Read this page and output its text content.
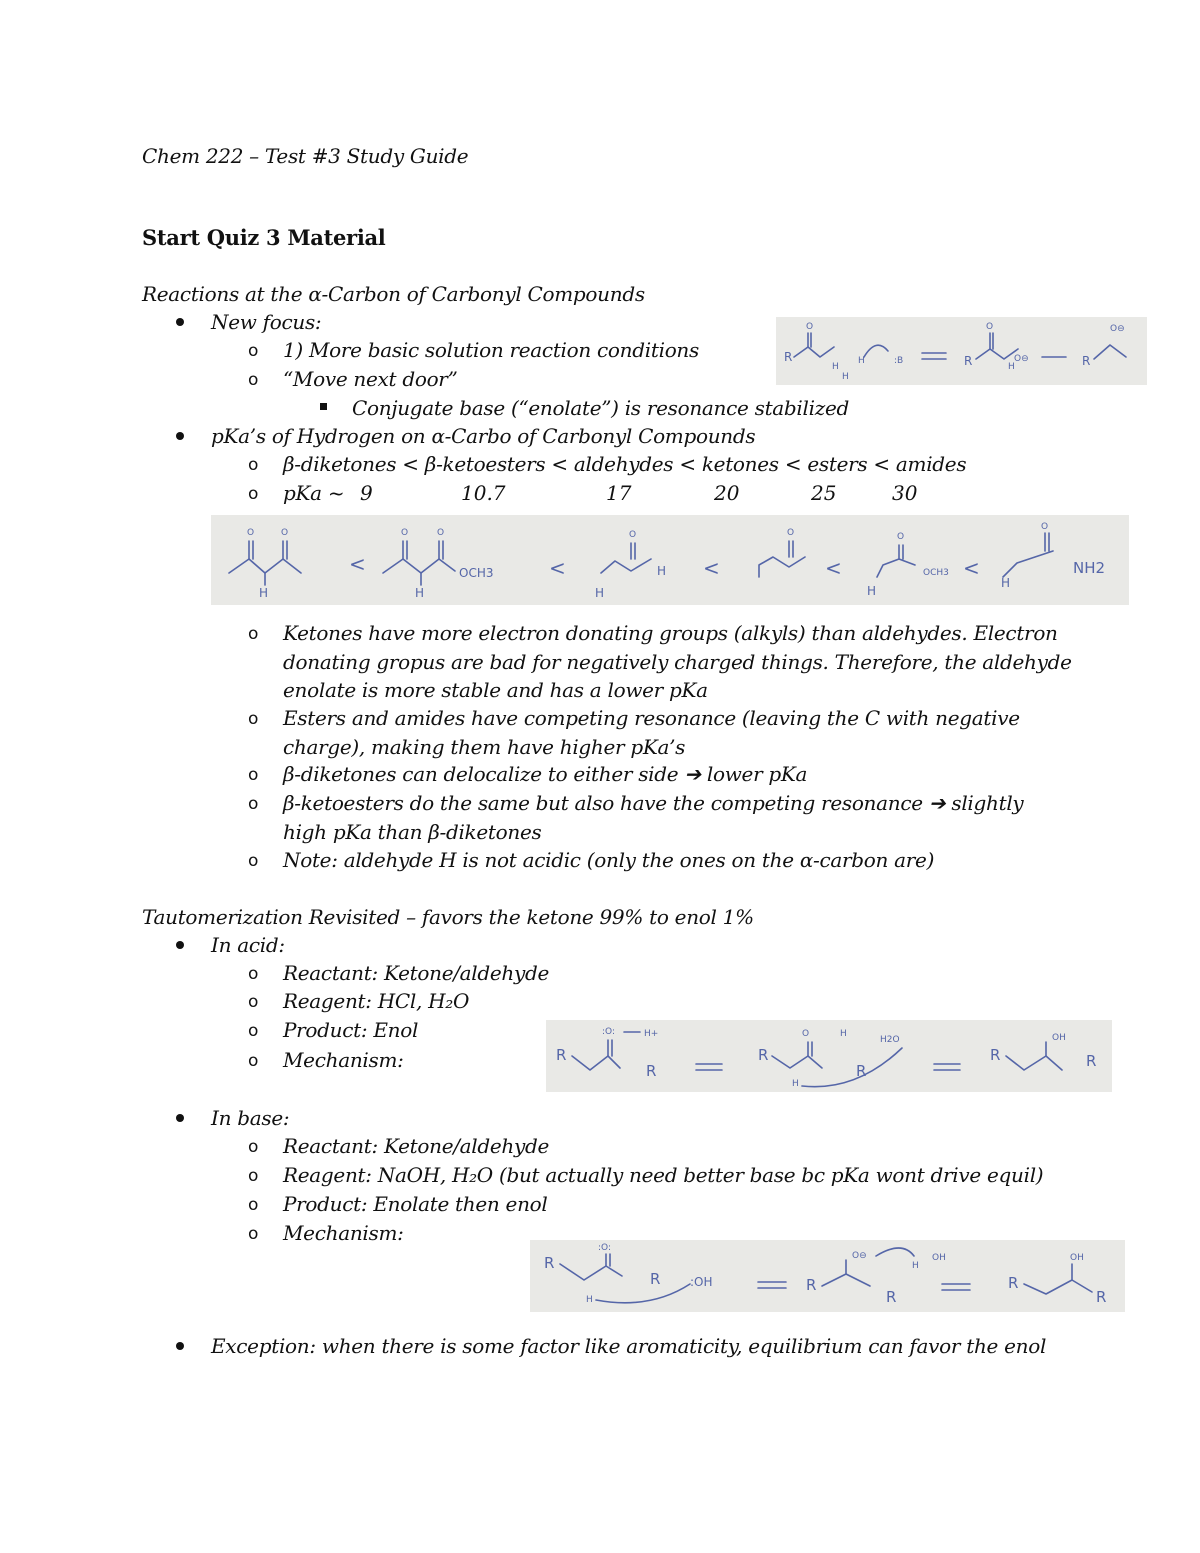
Chem 222 – Test #3 Study Guide
Start Quiz 3 Material
Reactions at the α-Carbon of Carbonyl Compounds
New focus:
o 1) More basic solution reaction conditions
o “Move next door”
Conjugate base (“enolate”) is resonance stabilized
R
O
H
H
H	:B	R
O
H
O⊖	R
O⊖
pKa’s of Hydrogen on α-Carbo of Carbonyl Compounds
o β-diketones < β-ketoesters < aldehydes < ketones < esters < amides
o pKa ~ 9	10.7	17	20	25	30
O	O
H
<
O	O
H
OCH3	<
O
H
H <
O
<
O
H
OCH3 <
O
H
NH2
o Ketones have more electron donating groups (alkyls) than aldehydes. Electron
donating gropus are bad for negatively charged things. Therefore, the aldehyde
enolate is more stable and has a lower pKa
o Esters and amides have competing resonance (leaving the C with negative
charge), making them have higher pKa’s
o β-diketones can delocalize to either side ➔ lower pKa
o β-ketoesters do the same but also have the competing resonance ➔ slightly
high pKa than β-diketones
o Note: aldehyde H is not acidic (only the ones on the α-carbon are)
Tautomerization Revisited – favors the ketone 99% to enol 1%
In acid:
o Reactant: Ketone/aldehyde
o Reagent: HCl, H₂O
o Product: Enol
o Mechanism:	R
:O:	H+
R
R
O	H
H
R
H2O
R
OH
R
In base:
o Reactant: Ketone/aldehyde
o Reagent: NaOH, H₂O (but actually need better base bc pKa wont drive equil)
o Product: Enolate then enol
o Mechanism:
R
:O:
R
H
:OH	R
O⊖
R
H
OH
R
OH
R
Exception: when there is some factor like aromaticity, equilibrium can favor the enol
